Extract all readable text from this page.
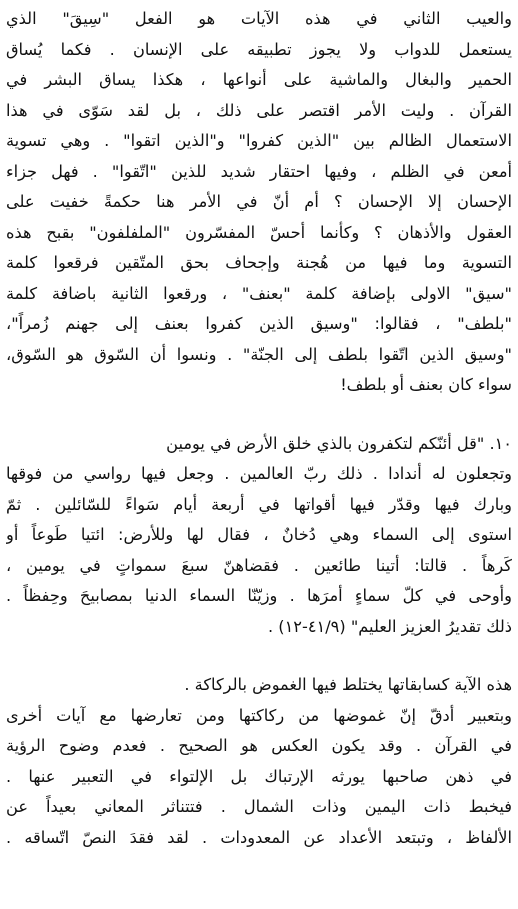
والعيب الثاني في هذه الآيات هو الفعل "سِيقَ" الذي
يستعمل للدواب ولا يجوز تطبيقه على الإنسان . فكما يُساق
الحمير والبغال والماشية على أنواعها ، هكذا يساق البشر في
القرآن . وليت الأمر اقتصر على ذلك ، بل لقد سَوّى في هذا
الاستعمال الظالم بين "الذين كفروا" و"الذين اتقوا" . وهي تسوية
أمعن في الظلم ، وفيها احتقار شديد للذين "اتّقوا" . فهل جزاء
الإحسان إلا الإحسان ؟ أم أنّ في الأمر هنا حكمةً خفيت على
العقول والأذهان ؟ وكأنما أحسّ المفسّرون "الملفلفون" بقبح هذه
التسوية وما فيها من هُجنة وإجحاف بحق المتّقين فرقعوا كلمة
"سيق" الاولى بإضافة كلمة "بعنف" ، ورقعوا الثانية باضافة كلمة
"بلطف" ، فقالوا: "وسيق الذين كفروا بعنف إلى جهنم زُمراً"،
"وسيق الذين اتّقوا بلطف إلى الجنّة" . ونسوا أن السّوق هو السّوق،
سواء كان بعنف أو بلطف!
١٠. "قل أئنّكم لتكفرون بالذي خلق الأرض في يومين
وتجعلون له أندادا . ذلك ربّ العالمين . وجعل فيها رواسي من فوقها
وبارك فيها وقدّر فيها أقواتها في أربعة أيام سَواءً للسّائلين . ثمّ
استوى إلى السماء وهي دُخانٌ ، فقال لها وللأرض: ائتيا طَوعاً أو
كَرهاً . قالتا: أتينا طائعين . فقضاهنّ سبعَ سمواتٍ في يومين ،
وأوحى في كلّ سماءٍ أمرَها . وزيّنّا السماء الدنيا بمصابيحَ وحِفظاً .
ذلك تقديرُ العزيز العليم" (٤١/٩-١٢) .
هذه الآية كسابقاتها يختلط فيها الغموض بالركاكة .
وبتعبير أدقّ إنّ غموضها من ركاكتها ومن تعارضها مع آيات أخرى
في القرآن . وقد يكون العكس هو الصحيح . فعدم وضوح الرؤية
في ذهن صاحبها يورثه الإرتباك بل الإلتواء في التعبير عنها .
فيخبط ذات اليمين وذات الشمال . فتتناثر المعاني بعيداً عن
الألفاظ ، وتبتعد الأعداد عن المعدودات . لقد فقدَ النصّ اتّساقه .
